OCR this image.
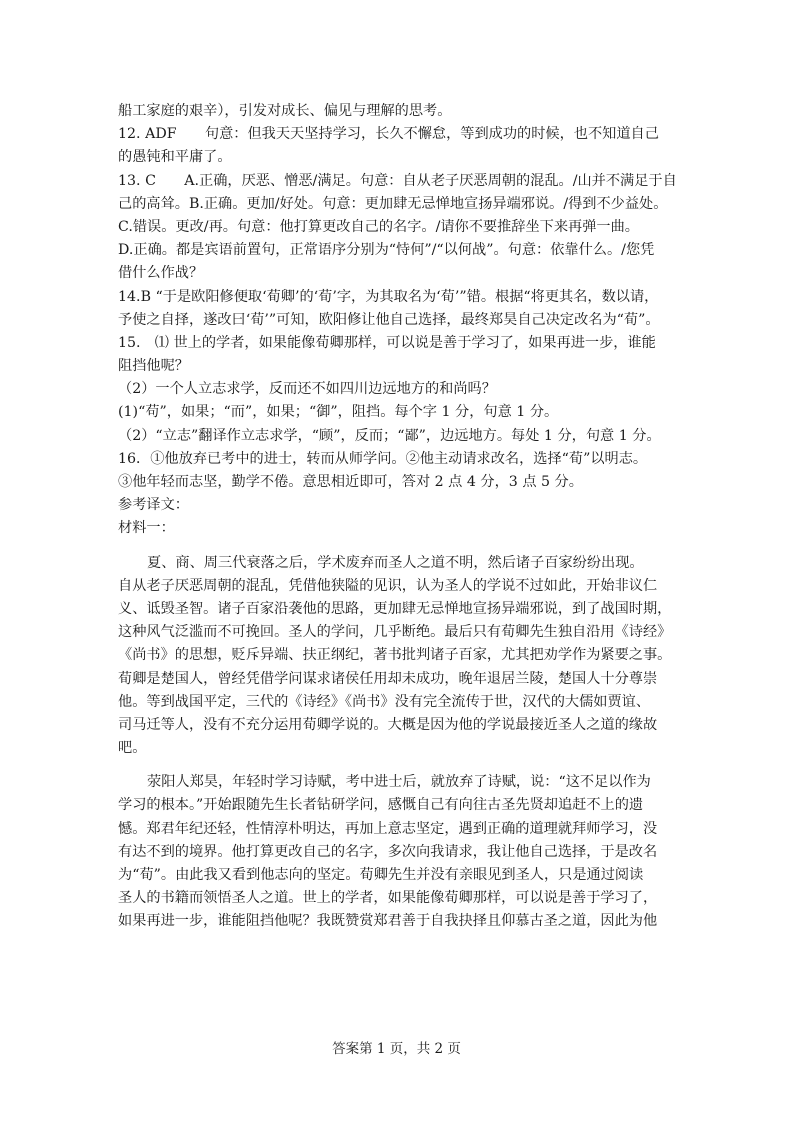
船工家庭的艰辛），引发对成长、偏见与理解的思考。
12. ADF　　句意：但我天天坚持学习，长久不懈怠，等到成功的时候，也不知道自己
的愚钝和平庸了。
13. C　　A.正确，厌恶、憎恶/满足。句意：自从老子厌恶周朝的混乱。/山并不满足于自
己的高耸。B.正确。更加/好处。句意：更加肆无忌惮地宣扬异端邪说。/得到不少益处。
C.错误。更改/再。句意：他打算更改自己的名字。/请你不要推辞坐下来再弹一曲。
D.正确。都是宾语前置句，正常语序分别为“恃何”/“以何战”。句意：依靠什么。/您凭
借什么作战？
14.B “于是欧阳修便取‘荀卿’的‘荀’字，为其取名为‘荀’”错。根据“将更其名，数以请，
予使之自择，遂改曰‘荀’”可知，欧阳修让他自己选择，最终郑昊自己决定改名为“荀”。
15.　⑴ 世上的学者，如果能像荀卿那样，可以说是善于学习了，如果再进一步，谁能
阻挡他呢？
（2）一个人立志求学，反而还不如四川边远地方的和尚吗？
(1)“苟”，如果；“而”，如果；“御”，阻挡。每个字 1 分，句意 1 分。
（2）“立志”翻译作立志求学，“顾”，反而；“鄙”，边远地方。每处 1 分，句意 1 分。
16．①他放弃已考中的进士，转而从师学问。②他主动请求改名，选择“荀”以明志。
③他年轻而志坚，勤学不倦。意思相近即可，答对 2 点 4 分，3 点 5 分。
参考译文：
材料一：
夏、商、周三代衰落之后，学术废弃而圣人之道不明，然后诸子百家纷纷出现。
自从老子厌恶周朝的混乱，凭借他狭隘的见识，认为圣人的学说不过如此，开始非议仁
义、诋毁圣智。诸子百家沿袭他的思路，更加肆无忌惮地宣扬异端邪说，到了战国时期，
这种风气泛滥而不可挽回。圣人的学问，几乎断绝。最后只有荀卿先生独自沿用《诗经》
《尚书》的思想，贬斥异端、扶正纲纪，著书批判诸子百家，尤其把劝学作为紧要之事。
荀卿是楚国人，曾经凭借学问谋求诸侯任用却未成功，晚年退居兰陵，楚国人十分尊崇
他。等到战国平定，三代的《诗经》《尚书》没有完全流传于世，汉代的大儒如贾谊、
司马迁等人，没有不充分运用荀卿学说的。大概是因为他的学说最接近圣人之道的缘故
吧。
荥阳人郑昊，年轻时学习诗赋，考中进士后，就放弃了诗赋，说：“这不足以作为
学习的根本。”开始跟随先生长者钻研学问，感慨自己有向往古圣先贤却追赶不上的遗
憾。郑君年纪还轻，性情淳朴明达，再加上意志坚定，遇到正确的道理就拜师学习，没
有达不到的境界。他打算更改自己的名字，多次向我请求，我让他自己选择，于是改名
为“荀”。由此我又看到他志向的坚定。荀卿先生并没有亲眼见到圣人，只是通过阅读
圣人的书籍而领悟圣人之道。世上的学者，如果能像荀卿那样，可以说是善于学习了，
如果再进一步，谁能阻挡他呢？我既赞赏郑君善于自我抉择且仰慕古圣之道，因此为他
答案第 1 页，共 2 页
